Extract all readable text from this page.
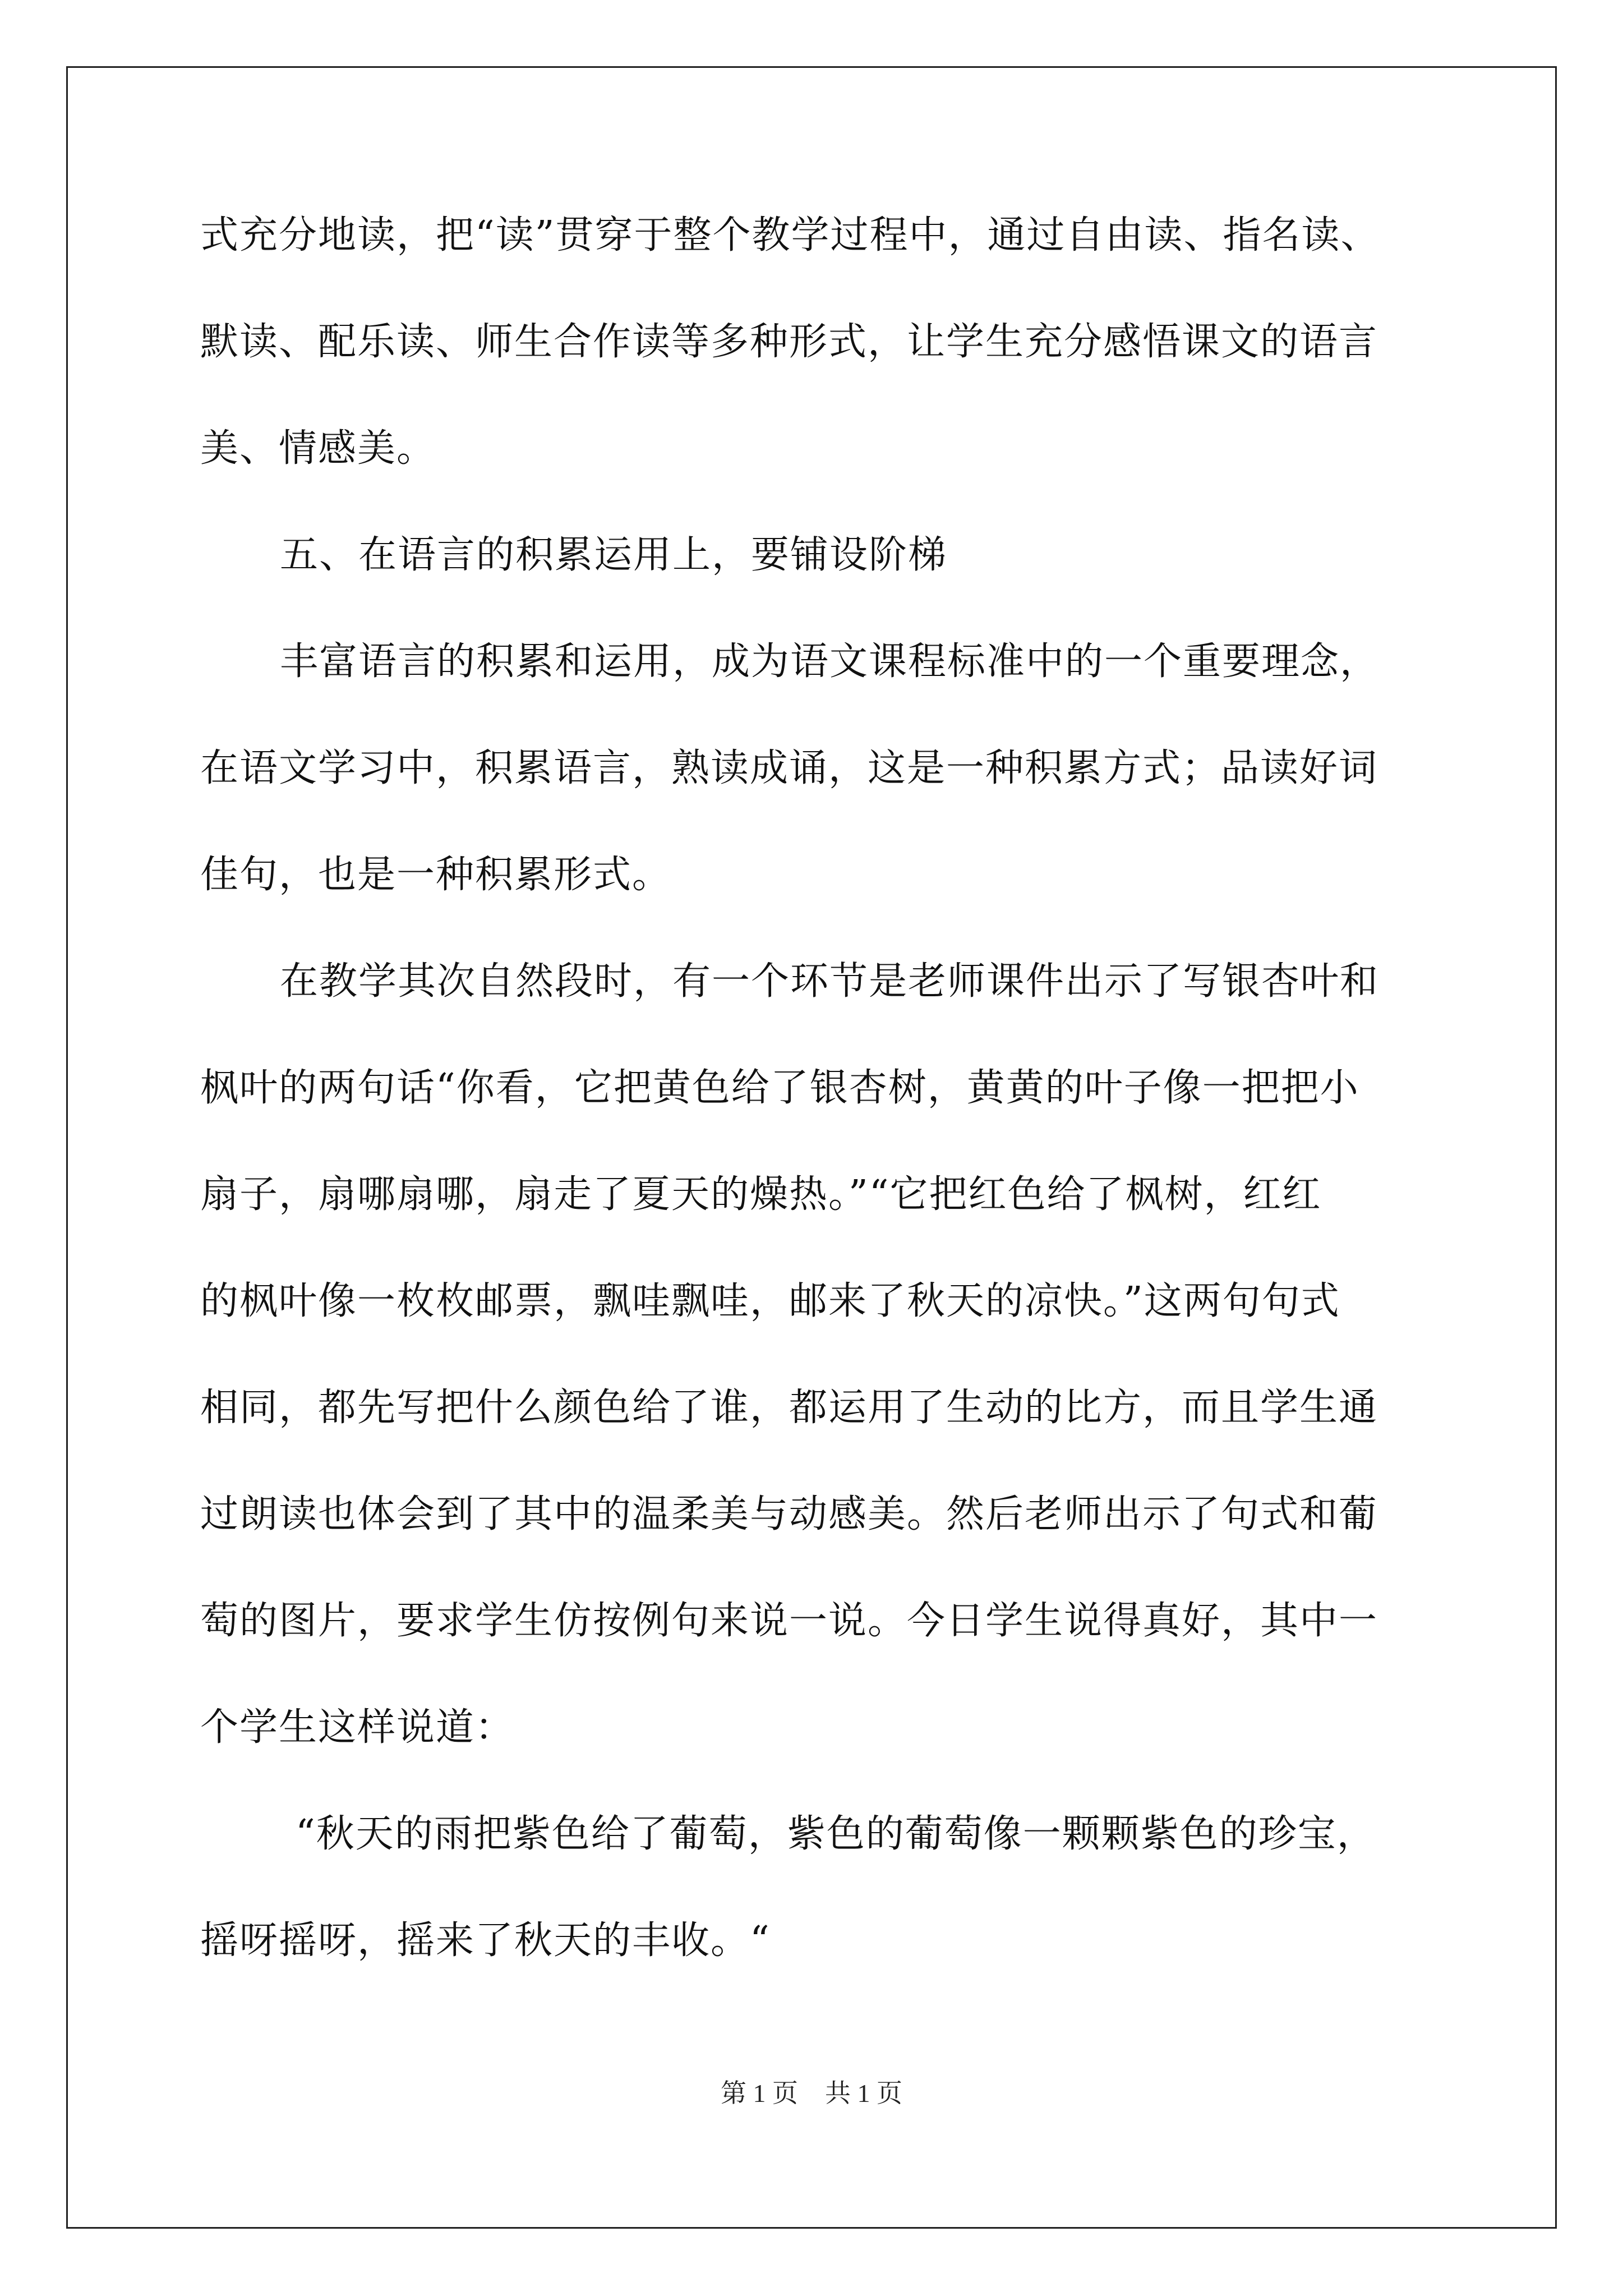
式充分地读，把“读”贯穿于整个教学过程中，通过自由读、指名读、
默读、配乐读、师生合作读等多种形式，让学生充分感悟课文的语言
美、情感美。
五、在语言的积累运用上，要铺设阶梯
丰富语言的积累和运用，成为语文课程标准中的一个重要理念，
在语文学习中，积累语言，熟读成诵，这是一种积累方式；品读好词
佳句，也是一种积累形式。
在教学其次自然段时，有一个环节是老师课件出示了写银杏叶和
枫叶的两句话“你看，它把黄色给了银杏树，黄黄的叶子像一把把小
扇子，扇哪扇哪，扇走了夏天的燥热。”“它把红色给了枫树，红红
的枫叶像一枚枚邮票，飘哇飘哇，邮来了秋天的凉快。”这两句句式
相同，都先写把什么颜色给了谁，都运用了生动的比方，而且学生通
过朗读也体会到了其中的温柔美与动感美。然后老师出示了句式和葡
萄的图片，要求学生仿按例句来说一说。今日学生说得真好，其中一
个学生这样说道：
“秋天的雨把紫色给了葡萄，紫色的葡萄像一颗颗紫色的珍宝，
摇呀摇呀，摇来了秋天的丰收。“
第 1 页 共 1 页
